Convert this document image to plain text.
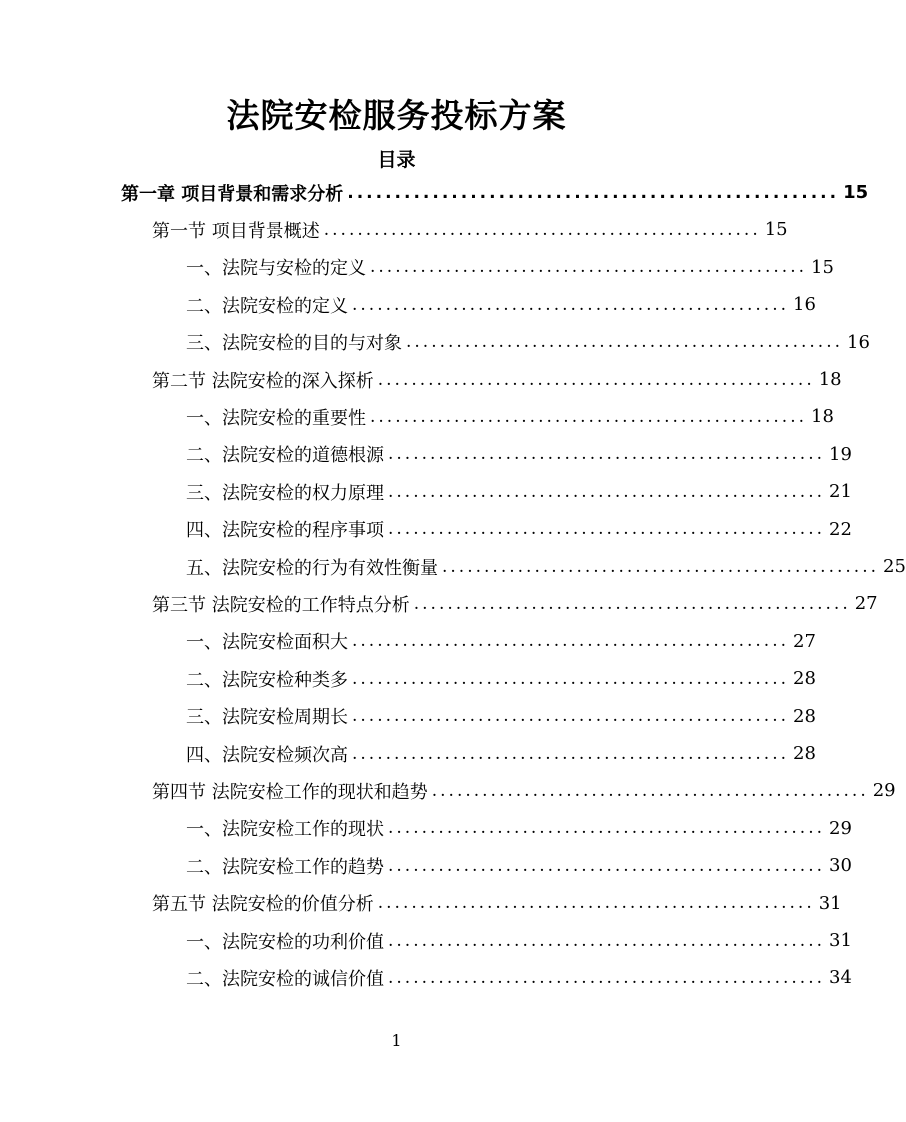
法院安检服务投标方案
目录
第一章 项目背景和需求分析 .................................................... 15
第一节 项目背景概述 .................................................... 15
一、法院与安检的定义 .................................................... 15
二、法院安检的定义 .................................................... 16
三、法院安检的目的与对象 .................................................... 16
第二节 法院安检的深入探析 .................................................... 18
一、法院安检的重要性 .................................................... 18
二、法院安检的道德根源 .................................................... 19
三、法院安检的权力原理 .................................................... 21
四、法院安检的程序事项 .................................................... 22
五、法院安检的行为有效性衡量 .................................................... 25
第三节 法院安检的工作特点分析 .................................................... 27
一、法院安检面积大 .................................................... 27
二、法院安检种类多 .................................................... 28
三、法院安检周期长 .................................................... 28
四、法院安检频次高 .................................................... 28
第四节 法院安检工作的现状和趋势 .................................................... 29
一、法院安检工作的现状 .................................................... 29
二、法院安检工作的趋势 .................................................... 30
第五节 法院安检的价值分析 .................................................... 31
一、法院安检的功利价值 .................................................... 31
二、法院安检的诚信价值 .................................................... 34
1
